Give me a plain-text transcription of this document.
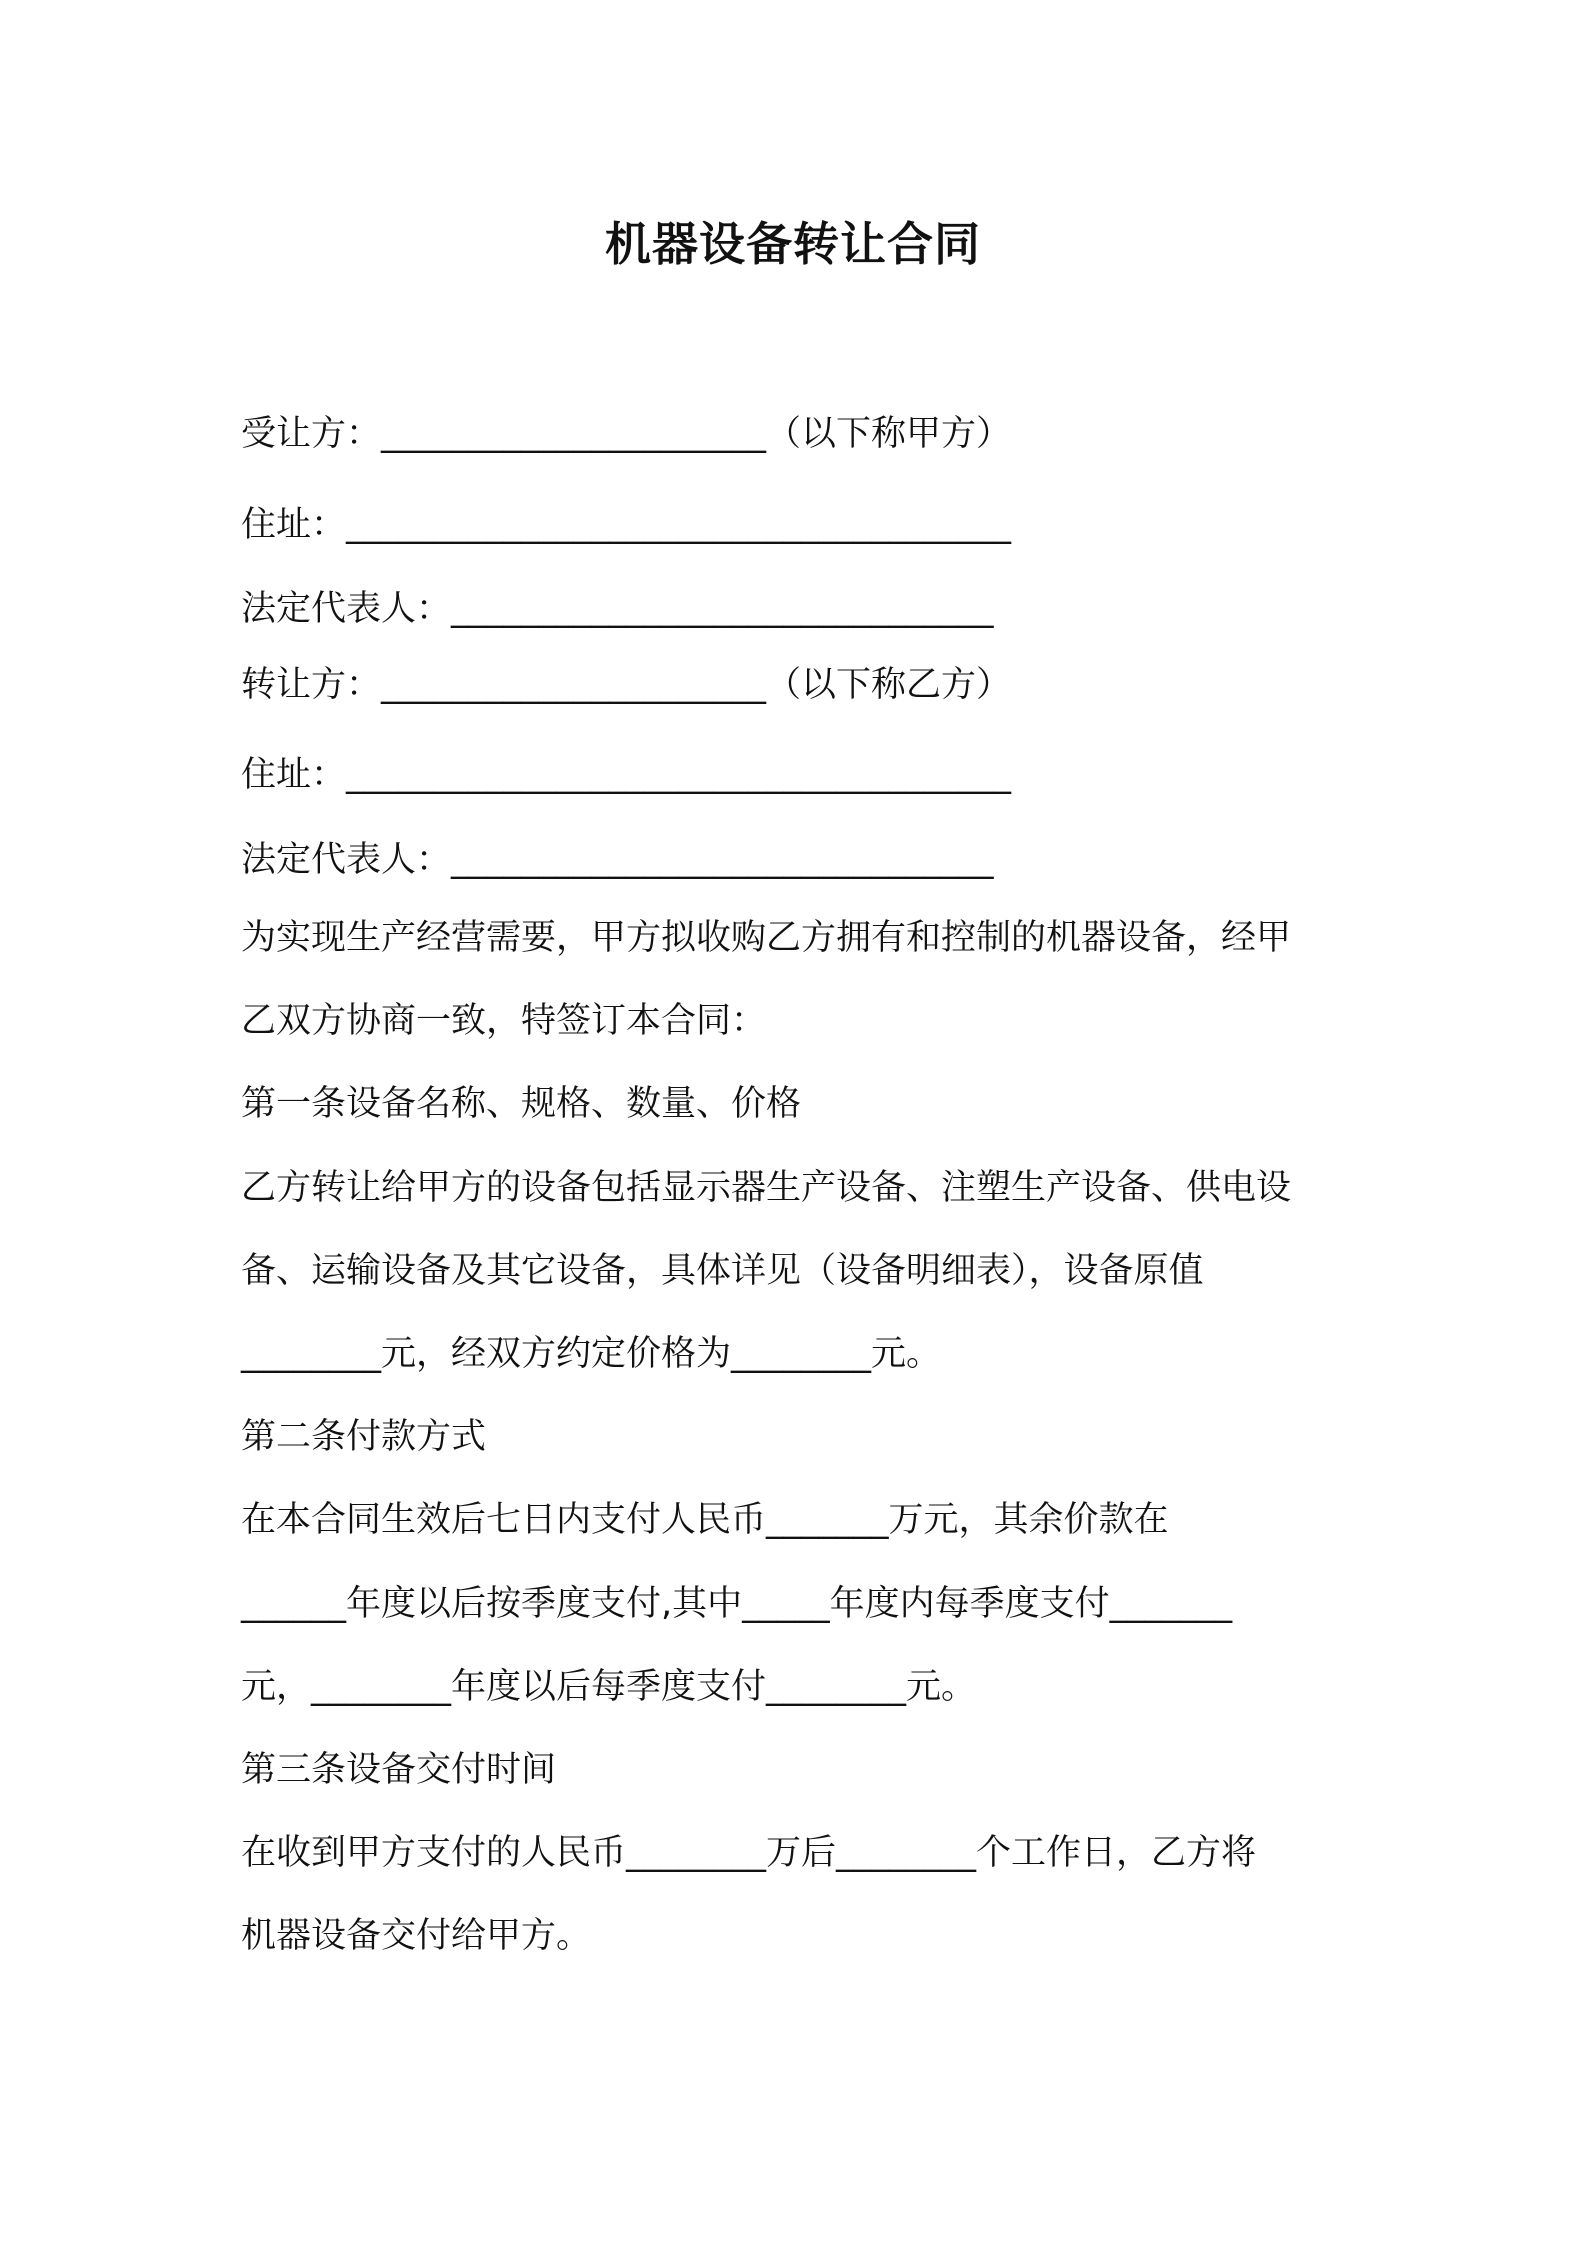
机器设备转让合同
受让方：______________________（以下称甲方）
住址：______________________________________
法定代表人：_______________________________
转让方：______________________（以下称乙方）
住址：______________________________________
法定代表人：_______________________________
为实现生产经营需要，甲方拟收购乙方拥有和控制的机器设备，经甲
乙双方协商一致，特签订本合同：
第一条设备名称、规格、数量、价格
乙方转让给甲方的设备包括显示器生产设备、注塑生产设备、供电设
备、运输设备及其它设备，具体详见（设备明细表），设备原值
________元，经双方约定价格为________元。
第二条付款方式
在本合同生效后七日内支付人民币_______万元，其余价款在
______年度以后按季度支付,其中_____年度内每季度支付_______
元，________年度以后每季度支付________元。
第三条设备交付时间
在收到甲方支付的人民币________万后________个工作日，乙方将
机器设备交付给甲方。
